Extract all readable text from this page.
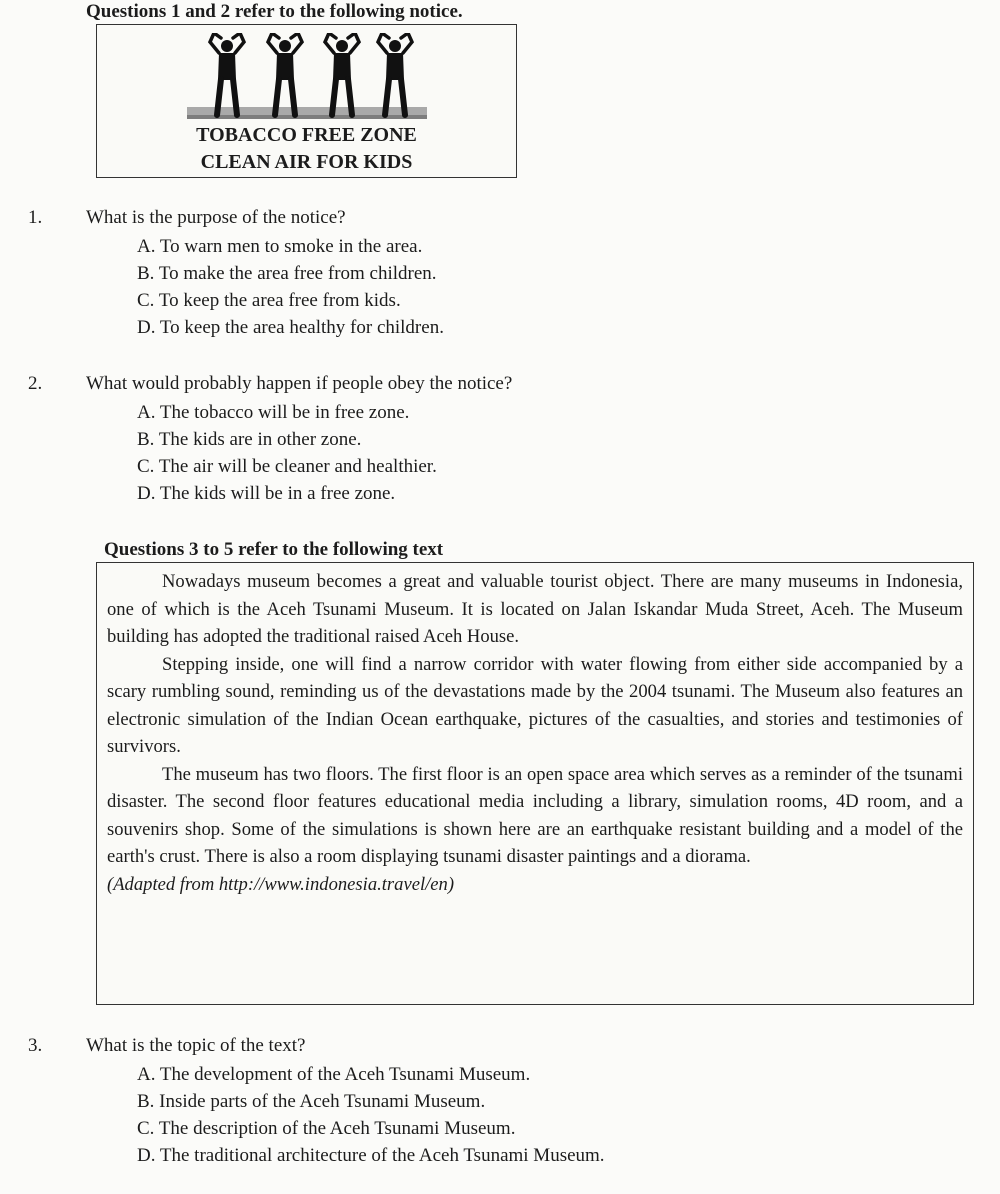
Questions 1 and 2 refer to the following notice.
TOBACCO FREE ZONE
CLEAN AIR FOR KIDS
1. What is the purpose of the notice?
A. To warn men to smoke in the area.
B. To make the area free from children.
C. To keep the area free from kids.
D. To keep the area healthy for children.
2. What would probably happen if people obey the notice?
A. The tobacco will be in free zone.
B. The kids are in other zone.
C. The air will be cleaner and healthier.
D. The kids will be in a free zone.
Questions 3 to 5 refer to the following text

Nowadays museum becomes a great and valuable tourist object. There are many museums in Indonesia, one of which is the Aceh Tsunami Museum. It is located on Jalan Iskandar Muda Street, Aceh. The Museum building has adopted the traditional raised Aceh House.

Stepping inside, one will find a narrow corridor with water flowing from either side accompanied by a scary rumbling sound, reminding us of the devastations made by the 2004 tsunami. The Museum also features an electronic simulation of the Indian Ocean earthquake, pictures of the casualties, and stories and testimonies of survivors.

The museum has two floors. The first floor is an open space area which serves as a reminder of the tsunami disaster. The second floor features educational media including a library, simulation rooms, 4D room, and a souvenirs shop. Some of the simulations is shown here are an earthquake resistant building and a model of the earth's crust. There is also a room displaying tsunami disaster paintings and a diorama.

(Adapted from http://www.indonesia.travel/en)

3. What is the topic of the text?
A. The development of the Aceh Tsunami Museum.
B. Inside parts of the Aceh Tsunami Museum.
C. The description of the Aceh Tsunami Museum.
D. The traditional architecture of the Aceh Tsunami Museum.
